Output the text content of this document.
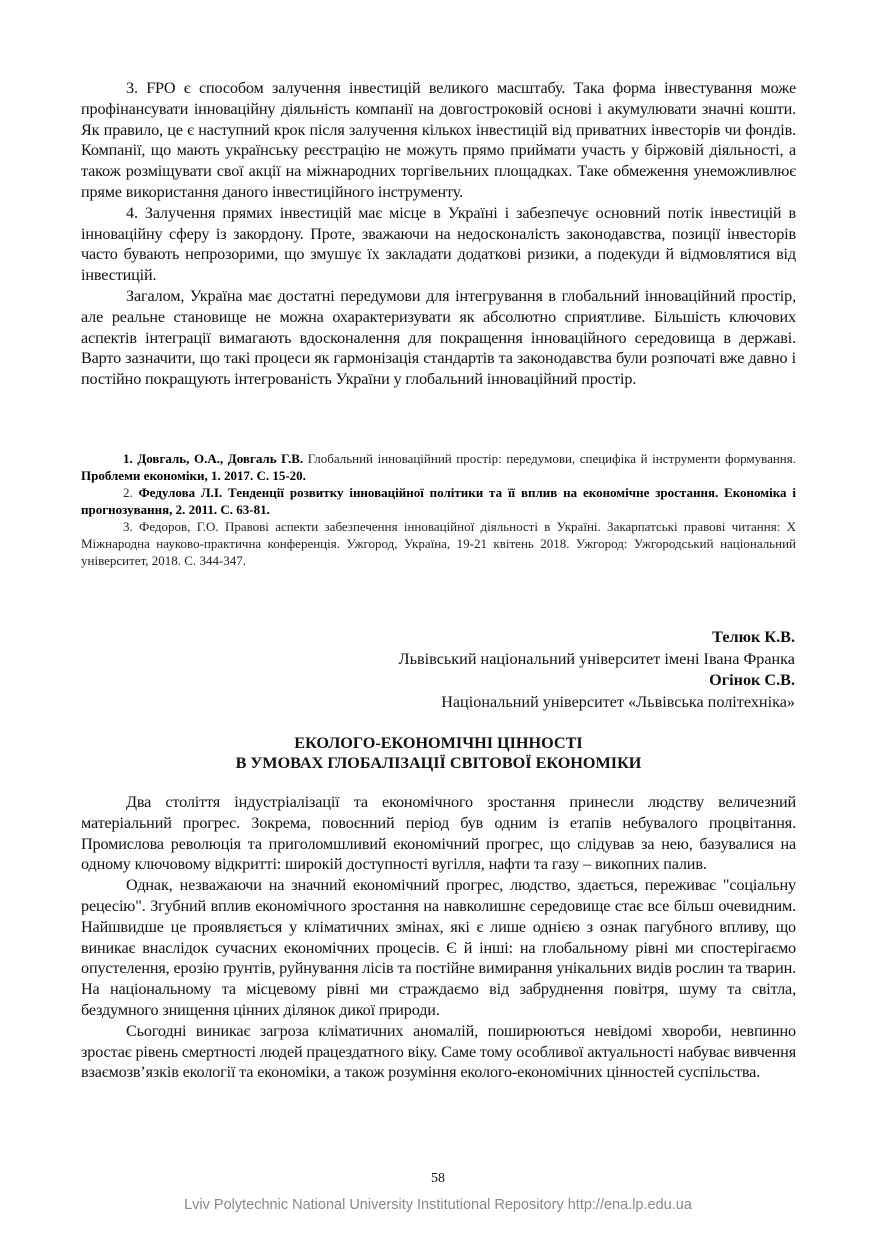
3. FPO є способом залучення інвестицій великого масштабу. Така форма інвестування може профінансувати інноваційну діяльність компанії на довгостроковій основі і акумулювати значні кошти. Як правило, це є наступний крок після залучення кількох інвестицій від приватних інвесторів чи фондів. Компанії, що мають українську реєстрацію не можуть прямо приймати участь у біржовій діяльності, а також розміщувати свої акції на міжнародних торгівельних площадках. Таке обмеження унеможливлює пряме використання даного інвестиційного інструменту.

4. Залучення прямих інвестицій має місце в Україні і забезпечує основний потік інвестицій в інноваційну сферу із закордону. Проте, зважаючи на недосконалість законодавства, позиції інвесторів часто бувають непрозорими, що змушує їх закладати додаткові ризики, а подекуди й відмовлятися від інвестицій.

Загалом, Україна має достатні передумови для інтегрування в глобальний інноваційний простір, але реальне становище не можна охарактеризувати як абсолютно сприятливе. Більшість ключових аспектів інтеграції вимагають вдосконалення для покращення інноваційного середовища в державі. Варто зазначити, що такі процеси як гармонізація стандартів та законодавства були розпочаті вже давно і постійно покращують інтегрованість України у глобальний інноваційний простір.

1. Довгаль, О.А., Довгаль Г.В. Глобальний інноваційний простір: передумови, специфіка й інструменти формування. Проблеми економіки, 1. 2017. С. 15-20.

2. Федулова Л.І. Тенденції розвитку інноваційної політики та її вплив на економічне зростання. Економіка і прогнозування, 2. 2011. С. 63-81.

3. Федоров, Г.О. Правові аспекти забезпечення інноваційної діяльності в Україні. Закарпатські правові читання: Х Міжнародна науково-практична конференція. Ужгород, Україна, 19-21 квітень 2018. Ужгород: Ужгородський національний університет, 2018. С. 344-347.

Телюк К.В.
Львівський національний університет імені Івана Франка
Огінок С.В.
Національний університет «Львівська політехніка»
ЕКОЛОГО-ЕКОНОМІЧНІ ЦІННОСТІ
В УМОВАХ ГЛОБАЛІЗАЦІЇ СВІТОВОЇ ЕКОНОМІКИ

Два століття індустріалізації та економічного зростання принесли людству величезний матеріальний прогрес. Зокрема, повоєнний період був одним із етапів небувалого процвітання. Промислова революція та приголомшливий економічний прогрес, що слідував за нею, базувалися на одному ключовому відкритті: широкій доступності вугілля, нафти та газу – викопних палив.

Однак, незважаючи на значний економічний прогрес, людство, здається, переживає "соціальну рецесію". Згубний вплив економічного зростання на навколишнє середовище стає все більш очевидним. Найшвидше це проявляється у кліматичних змінах, які є лише однією з ознак пагубного впливу, що виникає внаслідок сучасних економічних процесів. Є й інші: на глобальному рівні ми спостерігаємо опустелення, ерозію ґрунтів, руйнування лісів та постійне вимирання унікальних видів рослин та тварин. На національному та місцевому рівні ми страждаємо від забруднення повітря, шуму та світла, бездумного знищення цінних ділянок дикої природи.

Сьогодні виникає загроза кліматичних аномалій, поширюються невідомі хвороби, невпинно зростає рівень смертності людей працездатного віку. Саме тому особливої актуальності набуває вивчення взаємозв’язків екології та економіки, а також розуміння еколого-економічних цінностей суспільства.

58
Lviv Polytechnic National University Institutional Repository http://ena.lp.edu.ua
